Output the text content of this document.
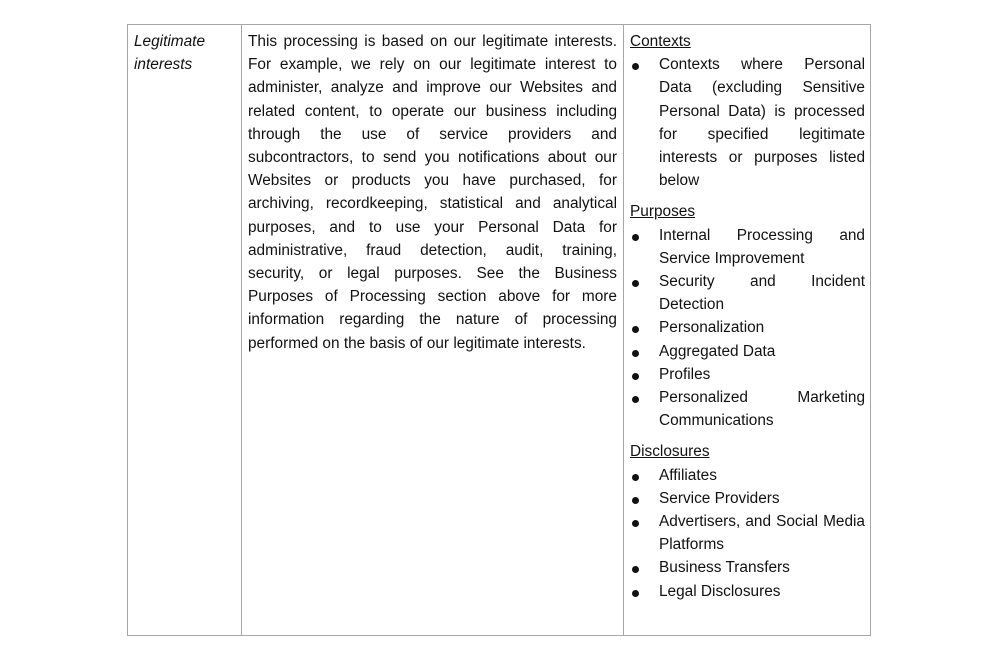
Legitimate
interests

This processing is based on our legitimate interests. For example, we rely on our legitimate interest to administer, analyze and improve our Websites and related content, to operate our business including through the use of service providers and subcontractors, to send you notifications about our Websites or products you have purchased, for archiving, recordkeeping, statistical and analytical purposes, and to use your Personal Data for administrative, fraud detection, audit, training, security, or legal purposes. See the Business Purposes of Processing section above for more information regarding the nature of processing performed on the basis of our legitimate interests.

Contexts
Contexts where Personal Data (excluding Sensitive Personal Data) is processed for specified legitimate interests or purposes listed below
Purposes
Internal Processing and Service Improvement
Security and Incident Detection
Personalization
Aggregated Data
Profiles
Personalized Marketing Communications
Disclosures
Affiliates
Service Providers
Advertisers, and Social Media Platforms
Business Transfers
Legal Disclosures
